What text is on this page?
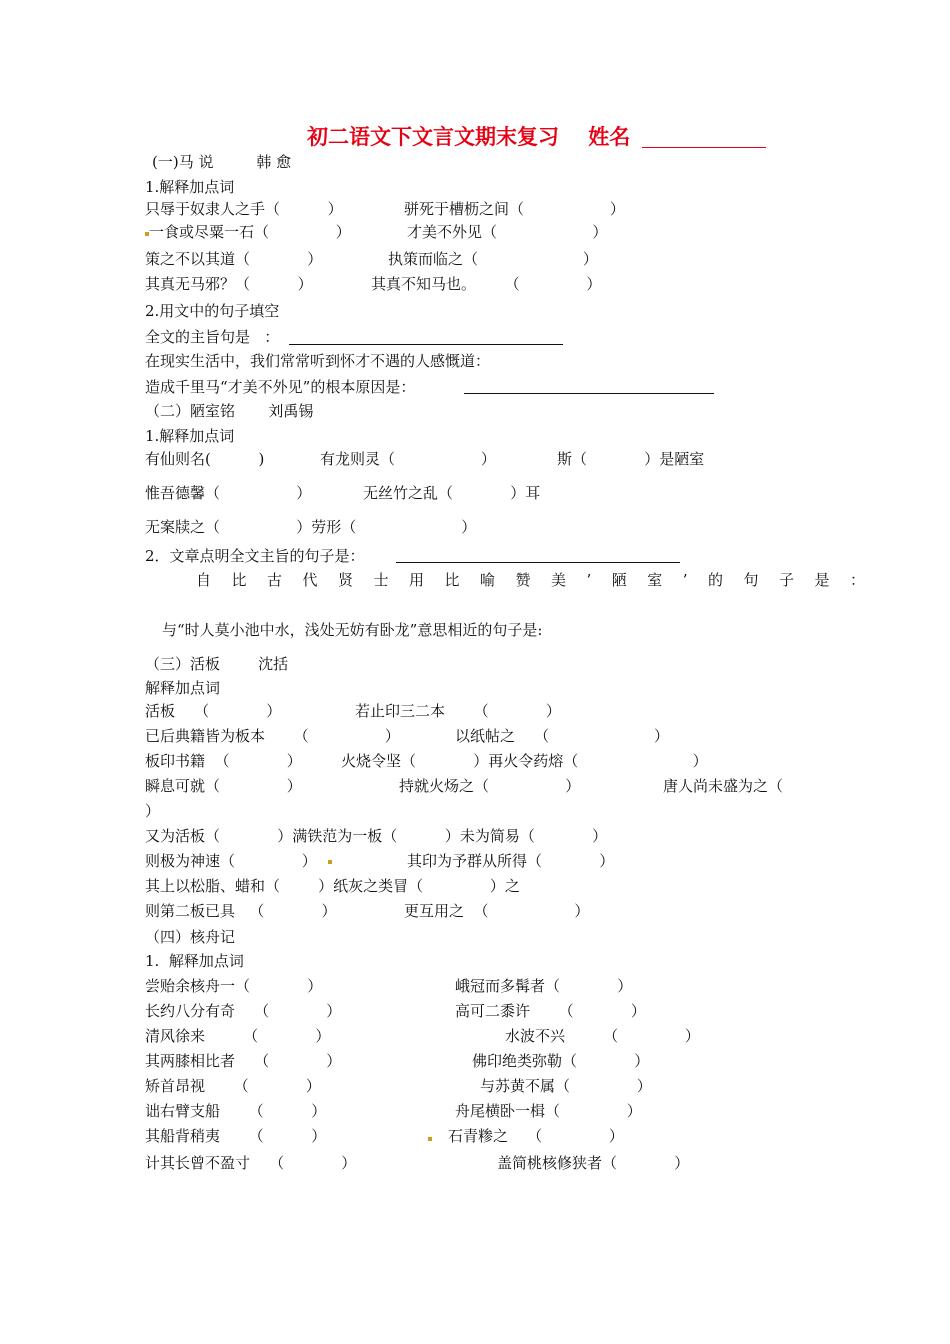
初二语文下文言文期末复习    姓名
(一)马 说         韩 愈
1.解释加点词
只辱于奴隶人之手（          ）	骈死于槽枥之间（                  ）
一食或尽粟一石（              ）	才美不外见（                    ）
策之不以其道（            ）	执策而临之（                      ）
其真无马邪？（          ）	其真不知马也。      （              ）
2.用文中的句子填空
全文的主旨句是   ：
在现实生活中，我们常常听到怀才不遇的人感慨道：
造成千里马“才美不外见”的根本原因是：
（二）陋室铭       刘禹锡
1.解释加点词
有仙则名(          )	有龙则灵（                  ）	斯（            ）是陋室
惟吾德馨（                ）	无丝竹之乱（            ）耳
无案牍之（                ）劳形（                      ）
2．文章点明全文主旨的句子是：
自比古代贤士用比喻赞美’陋室’的句子是：
与“时人莫小池中水，浅处无妨有卧龙”意思相近的句子是:
（三）活板        沈括
解释加点词
活板    （            ）	若止印三二本      （            ）
已后典籍皆为板本      （                ）	以纸帖之    （                      ）
板印书籍  （            ）	火烧令坚（            ）再火令药熔（                        ）
瞬息可就（              ）	持就火炀之（                ）	唐人尚未盛为之（
）
又为活板（            ）满铁范为一板（          ）未为简易（            ）
则极为神速（              ）	其印为予群从所得（            ）
其上以松脂、蜡和（        ）纸灰之类冒（              ）之
则第二板已具   （            ）	更互用之  （                  ）
（四）核舟记
1.  解释加点词
尝贻余核舟一（            ）	峨冠而多髯者（            ）
长约八分有奇    （            ）	高可二黍许      （            ）
清风徐来        （            ）	水波不兴        （              ）
其两膝相比者    （            ）	佛印绝类弥勒（            ）
矫首昂视      （            ）	与苏黄不属（              ）
诎右臂支船      （          ）	舟尾横卧一楫（              ）
其船背稍夷      （          ）	石青糁之    （              ）
计其长曾不盈寸    （            ）	盖简桃核修狭者（            ）
